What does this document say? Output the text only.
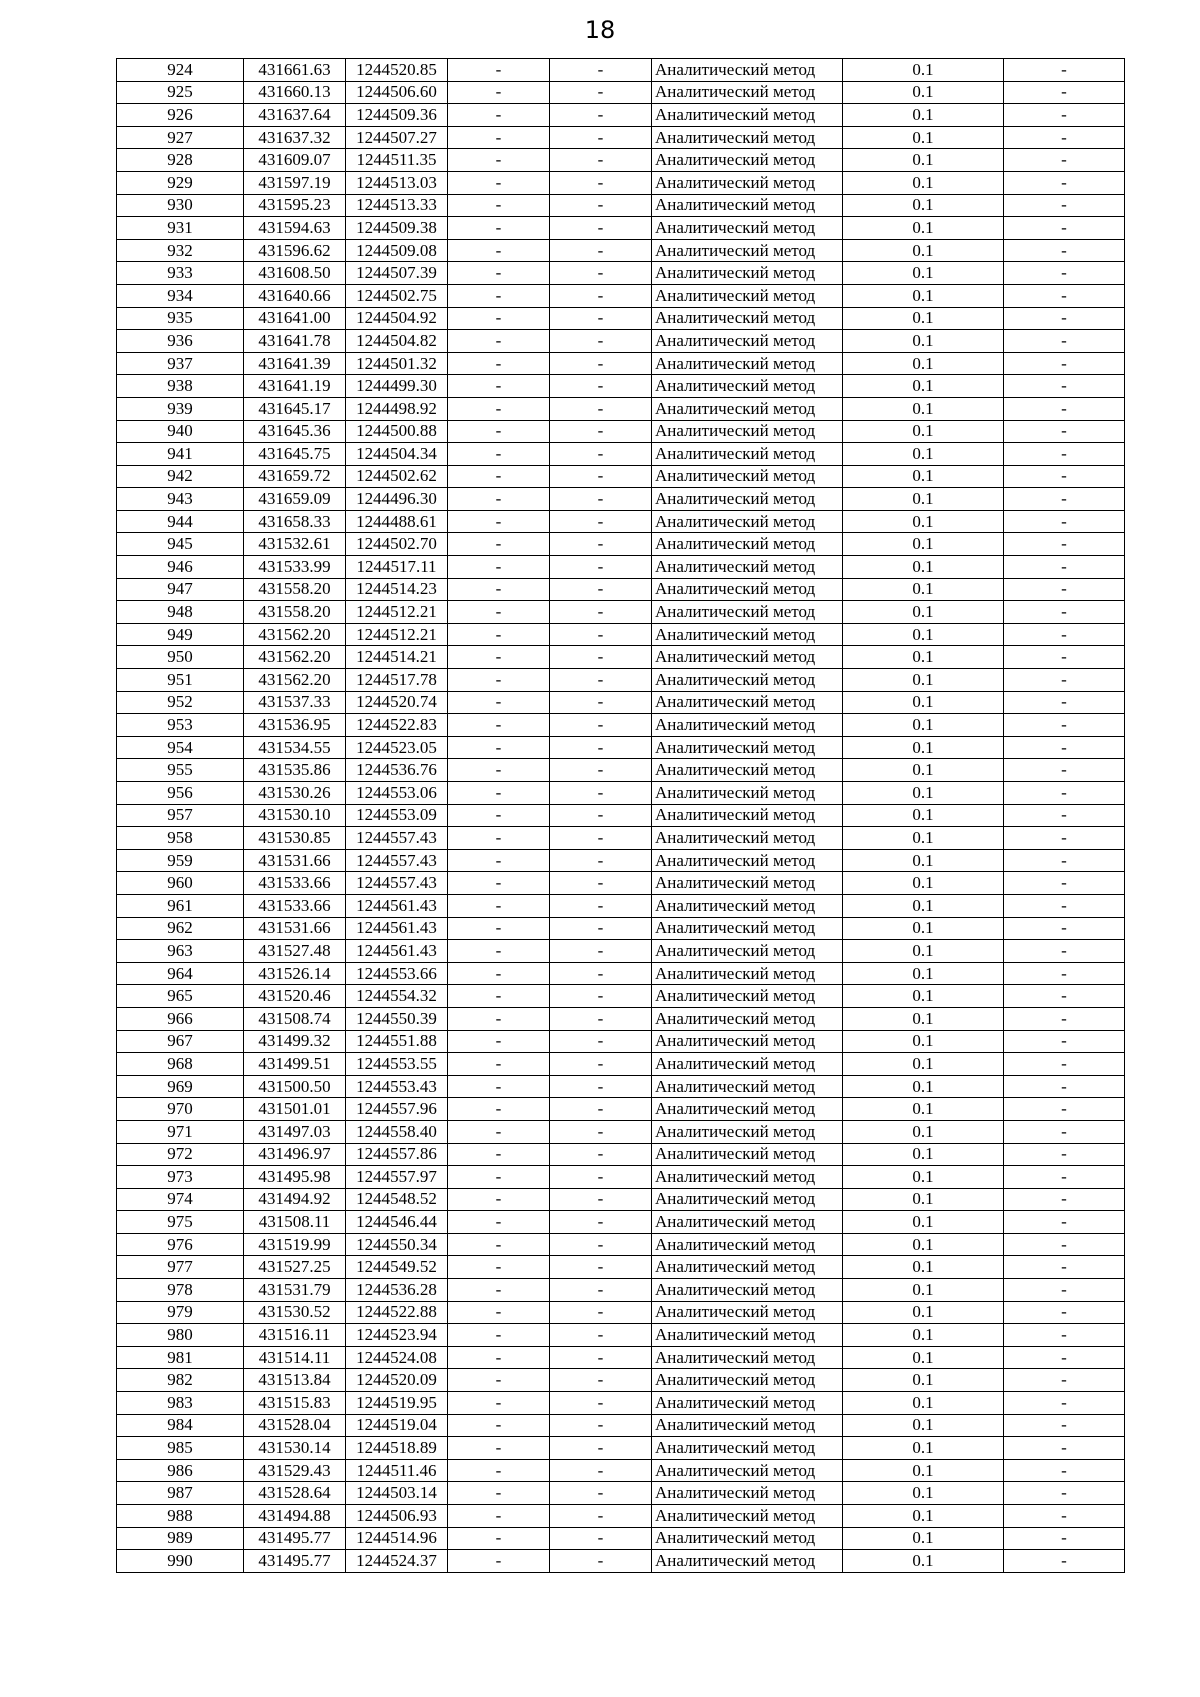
18
924	431661.63	1244520.85	-	-	Аналитический метод	0.1	-
925	431660.13	1244506.60	-	-	Аналитический метод	0.1	-
926	431637.64	1244509.36	-	-	Аналитический метод	0.1	-
927	431637.32	1244507.27	-	-	Аналитический метод	0.1	-
928	431609.07	1244511.35	-	-	Аналитический метод	0.1	-
929	431597.19	1244513.03	-	-	Аналитический метод	0.1	-
930	431595.23	1244513.33	-	-	Аналитический метод	0.1	-
931	431594.63	1244509.38	-	-	Аналитический метод	0.1	-
932	431596.62	1244509.08	-	-	Аналитический метод	0.1	-
933	431608.50	1244507.39	-	-	Аналитический метод	0.1	-
934	431640.66	1244502.75	-	-	Аналитический метод	0.1	-
935	431641.00	1244504.92	-	-	Аналитический метод	0.1	-
936	431641.78	1244504.82	-	-	Аналитический метод	0.1	-
937	431641.39	1244501.32	-	-	Аналитический метод	0.1	-
938	431641.19	1244499.30	-	-	Аналитический метод	0.1	-
939	431645.17	1244498.92	-	-	Аналитический метод	0.1	-
940	431645.36	1244500.88	-	-	Аналитический метод	0.1	-
941	431645.75	1244504.34	-	-	Аналитический метод	0.1	-
942	431659.72	1244502.62	-	-	Аналитический метод	0.1	-
943	431659.09	1244496.30	-	-	Аналитический метод	0.1	-
944	431658.33	1244488.61	-	-	Аналитический метод	0.1	-
945	431532.61	1244502.70	-	-	Аналитический метод	0.1	-
946	431533.99	1244517.11	-	-	Аналитический метод	0.1	-
947	431558.20	1244514.23	-	-	Аналитический метод	0.1	-
948	431558.20	1244512.21	-	-	Аналитический метод	0.1	-
949	431562.20	1244512.21	-	-	Аналитический метод	0.1	-
950	431562.20	1244514.21	-	-	Аналитический метод	0.1	-
951	431562.20	1244517.78	-	-	Аналитический метод	0.1	-
952	431537.33	1244520.74	-	-	Аналитический метод	0.1	-
953	431536.95	1244522.83	-	-	Аналитический метод	0.1	-
954	431534.55	1244523.05	-	-	Аналитический метод	0.1	-
955	431535.86	1244536.76	-	-	Аналитический метод	0.1	-
956	431530.26	1244553.06	-	-	Аналитический метод	0.1	-
957	431530.10	1244553.09	-	-	Аналитический метод	0.1	-
958	431530.85	1244557.43	-	-	Аналитический метод	0.1	-
959	431531.66	1244557.43	-	-	Аналитический метод	0.1	-
960	431533.66	1244557.43	-	-	Аналитический метод	0.1	-
961	431533.66	1244561.43	-	-	Аналитический метод	0.1	-
962	431531.66	1244561.43	-	-	Аналитический метод	0.1	-
963	431527.48	1244561.43	-	-	Аналитический метод	0.1	-
964	431526.14	1244553.66	-	-	Аналитический метод	0.1	-
965	431520.46	1244554.32	-	-	Аналитический метод	0.1	-
966	431508.74	1244550.39	-	-	Аналитический метод	0.1	-
967	431499.32	1244551.88	-	-	Аналитический метод	0.1	-
968	431499.51	1244553.55	-	-	Аналитический метод	0.1	-
969	431500.50	1244553.43	-	-	Аналитический метод	0.1	-
970	431501.01	1244557.96	-	-	Аналитический метод	0.1	-
971	431497.03	1244558.40	-	-	Аналитический метод	0.1	-
972	431496.97	1244557.86	-	-	Аналитический метод	0.1	-
973	431495.98	1244557.97	-	-	Аналитический метод	0.1	-
974	431494.92	1244548.52	-	-	Аналитический метод	0.1	-
975	431508.11	1244546.44	-	-	Аналитический метод	0.1	-
976	431519.99	1244550.34	-	-	Аналитический метод	0.1	-
977	431527.25	1244549.52	-	-	Аналитический метод	0.1	-
978	431531.79	1244536.28	-	-	Аналитический метод	0.1	-
979	431530.52	1244522.88	-	-	Аналитический метод	0.1	-
980	431516.11	1244523.94	-	-	Аналитический метод	0.1	-
981	431514.11	1244524.08	-	-	Аналитический метод	0.1	-
982	431513.84	1244520.09	-	-	Аналитический метод	0.1	-
983	431515.83	1244519.95	-	-	Аналитический метод	0.1	-
984	431528.04	1244519.04	-	-	Аналитический метод	0.1	-
985	431530.14	1244518.89	-	-	Аналитический метод	0.1	-
986	431529.43	1244511.46	-	-	Аналитический метод	0.1	-
987	431528.64	1244503.14	-	-	Аналитический метод	0.1	-
988	431494.88	1244506.93	-	-	Аналитический метод	0.1	-
989	431495.77	1244514.96	-	-	Аналитический метод	0.1	-
990	431495.77	1244524.37	-	-	Аналитический метод	0.1	-
